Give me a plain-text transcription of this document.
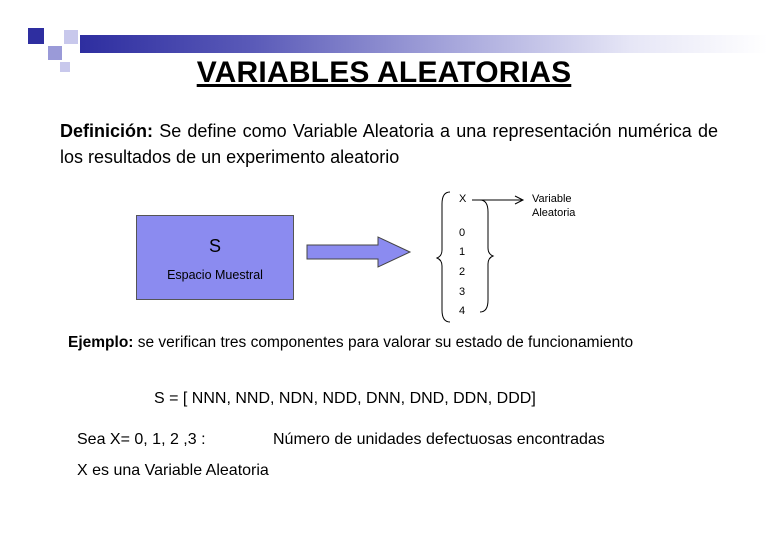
VARIABLES ALEATORIAS
Definición: Se define como Variable Aleatoria a una representación numérica de los resultados de un experimento aleatorio
S
Espacio Muestral
X	Variable
Aleatoria
0
1
2
3
4
Ejemplo: se verifican tres componentes para valorar su estado de funcionamiento
S = [ NNN, NND, NDN, NDD, DNN, DND, DDN, DDD]
Sea X= 0, 1, 2 ,3 :	Número de unidades defectuosas encontradas
X es una Variable Aleatoria
